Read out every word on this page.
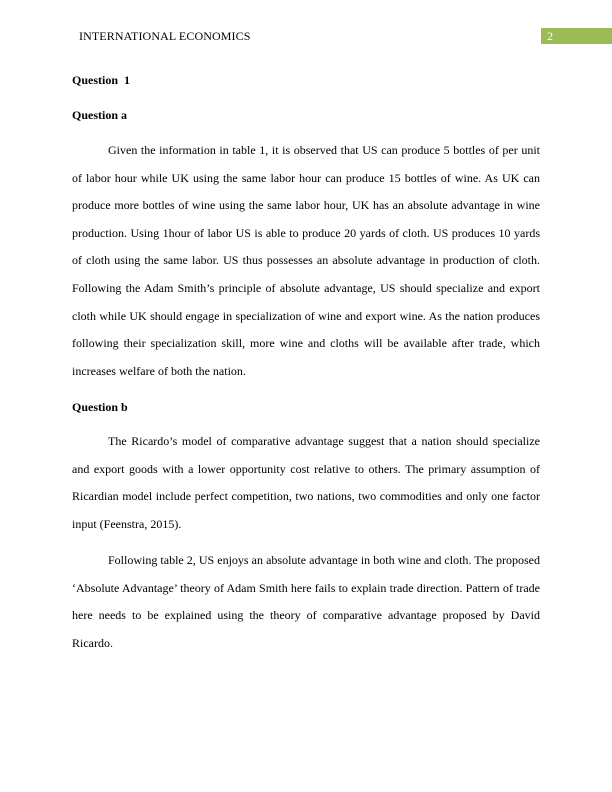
INTERNATIONAL ECONOMICS	2
Question  1
Question a

Given the information in table 1, it is observed that US can produce 5 bottles of per unit of labor hour while UK using the same labor hour can produce 15 bottles of wine. As UK can produce more bottles of wine using the same labor hour, UK has an absolute advantage in wine production. Using 1hour of labor US is able to produce 20 yards of cloth. US produces 10 yards of cloth using the same labor. US thus possesses an absolute advantage in production of cloth. Following the Adam Smith’s principle of absolute advantage, US should specialize and export cloth while UK should engage in specialization of wine and export wine. As the nation produces following their specialization skill, more wine and cloths will be available after trade, which increases welfare of both the nation.

Question b

The Ricardo’s model of comparative advantage suggest that a nation should specialize and export goods with a lower opportunity cost relative to others. The primary assumption of Ricardian model include perfect competition, two nations, two commodities and only one factor input (Feenstra, 2015).

Following table 2, US enjoys an absolute advantage in both wine and cloth. The proposed ‘Absolute Advantage’ theory of Adam Smith here fails to explain trade direction. Pattern of trade here needs to be explained using the theory of comparative advantage proposed by David Ricardo.
